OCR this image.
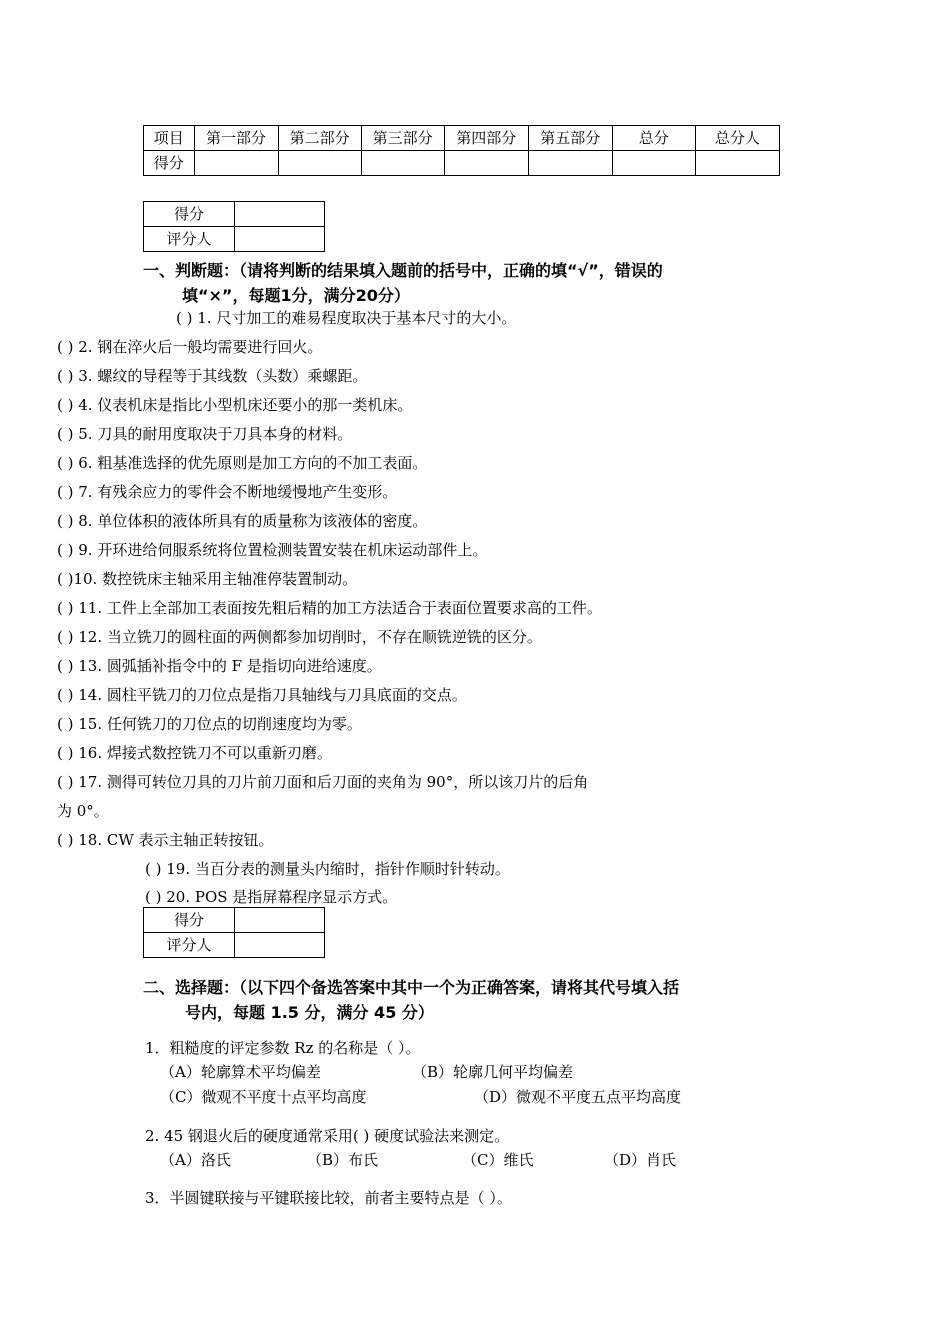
项目	第一部分	第二部分	第三部分	第四部分	第五部分	总分	总分人
得分							
得分	
评分人	
一、判断题：（请将判断的结果填入题前的括号中，正确的填“√”，错误的
填“×”，每题1分，满分20分）
( ) 1. 尺寸加工的难易程度取决于基本尺寸的大小。
( ) 2. 钢在淬火后一般均需要进行回火。
( ) 3. 螺纹的导程等于其线数（头数）乘螺距。
( ) 4. 仪表机床是指比小型机床还要小的那一类机床。
( ) 5. 刀具的耐用度取决于刀具本身的材料。
( ) 6. 粗基准选择的优先原则是加工方向的不加工表面。
( ) 7. 有残余应力的零件会不断地缓慢地产生变形。
( ) 8. 单位体积的液体所具有的质量称为该液体的密度。
( ) 9. 开环进给伺服系统将位置检测装置安装在机床运动部件上。
( )10. 数控铣床主轴采用主轴准停装置制动。
( ) 11. 工件上全部加工表面按先粗后精的加工方法适合于表面位置要求高的工件。
( ) 12. 当立铣刀的圆柱面的两侧都参加切削时，不存在顺铣逆铣的区分。
( ) 13. 圆弧插补指令中的 F 是指切向进给速度。
( ) 14. 圆柱平铣刀的刀位点是指刀具轴线与刀具底面的交点。
( ) 15. 任何铣刀的刀位点的切削速度均为零。
( ) 16. 焊接式数控铣刀不可以重新刃磨。
( ) 17. 测得可转位刀具的刀片前刀面和后刀面的夹角为 90°，所以该刀片的后角
为 0°。
( ) 18. CW 表示主轴正转按钮。
( ) 19. 当百分表的测量头内缩时，指针作顺时针转动。
( ) 20. POS 是指屏幕程序显示方式。
得分	
评分人	
二、选择题：（以下四个备选答案中其中一个为正确答案，请将其代号填入括
号内，每题 1.5 分，满分 45 分）
1．粗糙度的评定参数 Rz 的名称是（ ）。
（A）轮廓算术平均偏差	（B）轮廓几何平均偏差
（C）微观不平度十点平均高度	（D）微观不平度五点平均高度
2. 45 钢退火后的硬度通常采用( ) 硬度试验法来测定。
（A）洛氏	（B）布氏	（C）维氏	（D）肖氏
3．半圆键联接与平键联接比较，前者主要特点是（ ）。
